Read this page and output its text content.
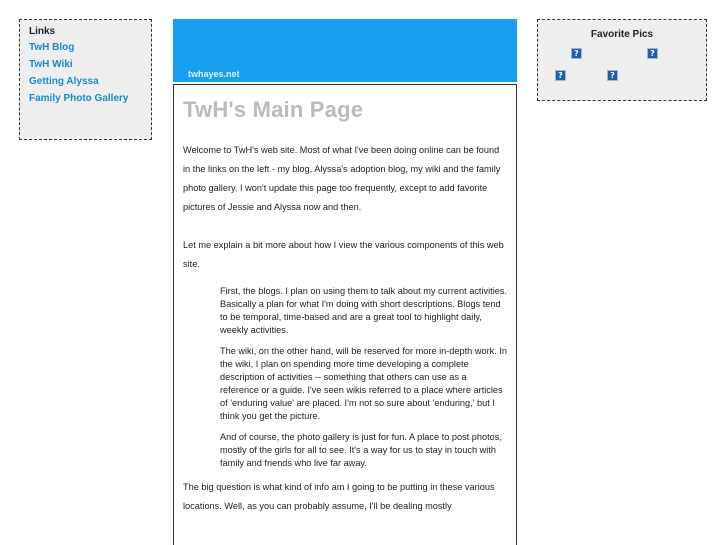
Links
TwH Blog
TwH Wiki
Getting Alyssa
Family Photo Gallery
twhayes.net
TwH's Main Page

Welcome to TwH's web site. Most of what I've been doing online can be found in the links on the left - my blog, Alyssa's adoption blog, my wiki and the family photo gallery. I won't update this page too frequently, except to add favorite pictures of Jessie and Alyssa now and then.

Let me explain a bit more about how I view the various components of this web site.

First, the blogs. I plan on using them to talk about my current activities. Basically a plan for what I'm doing with short descriptions. Blogs tend to be temporal, time-based and are a great tool to highlight daily, weekly activities.

The wiki, on the other hand, will be reserved for more in-depth work. In the wiki, I plan on spending more time developing a complete description of activities -- something that others can use as a reference or a guide. I've seen wikis referred to a place where articles of 'enduring value' are placed. I'm not so sure about 'enduring,' but I think you get the picture.

And of course, the photo gallery is just for fun. A place to post photos, mostly of the girls for all to see. It's a way for us to stay in touch with family and friends who live far away.

The big question is what kind of info am I going to be putting in these various locations. Well, as you can probably assume, I'll be dealing mostly

Favorite Pics
?	?
?	?
